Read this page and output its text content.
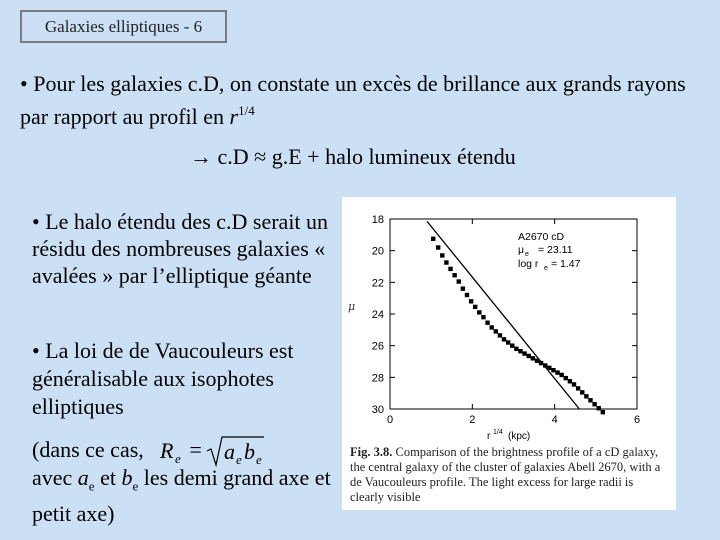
Galaxies elliptiques - 6
• Pour les galaxies c.D, on constate un excès de brillance aux grands rayons par rapport au profil en $r^{1/4}$
→ c.D ≈ g.E + halo lumineux étendu
• Le halo étendu des c.D serait un résidu des nombreuses galaxies « avalées » par l’elliptique géante
• La loi de de Vaucouleurs est généralisable aux isophotes elliptiques
(dans ce cas,
avec $a_e$ et $b_e$ les demi grand axe et petit axe)
R e = a e b e
μ
r 1/4 (kpc)
A2670 cD
μ e = 23.11
log r e = 1.47
18
20
22
24
26
28
30
0	2	4	6
Fig. 3.8. Comparison of the brightness profile of a cD galaxy, the central galaxy of the cluster of galaxies Abell 2670, with a de Vaucouleurs profile. The light excess for large radii is clearly visible
